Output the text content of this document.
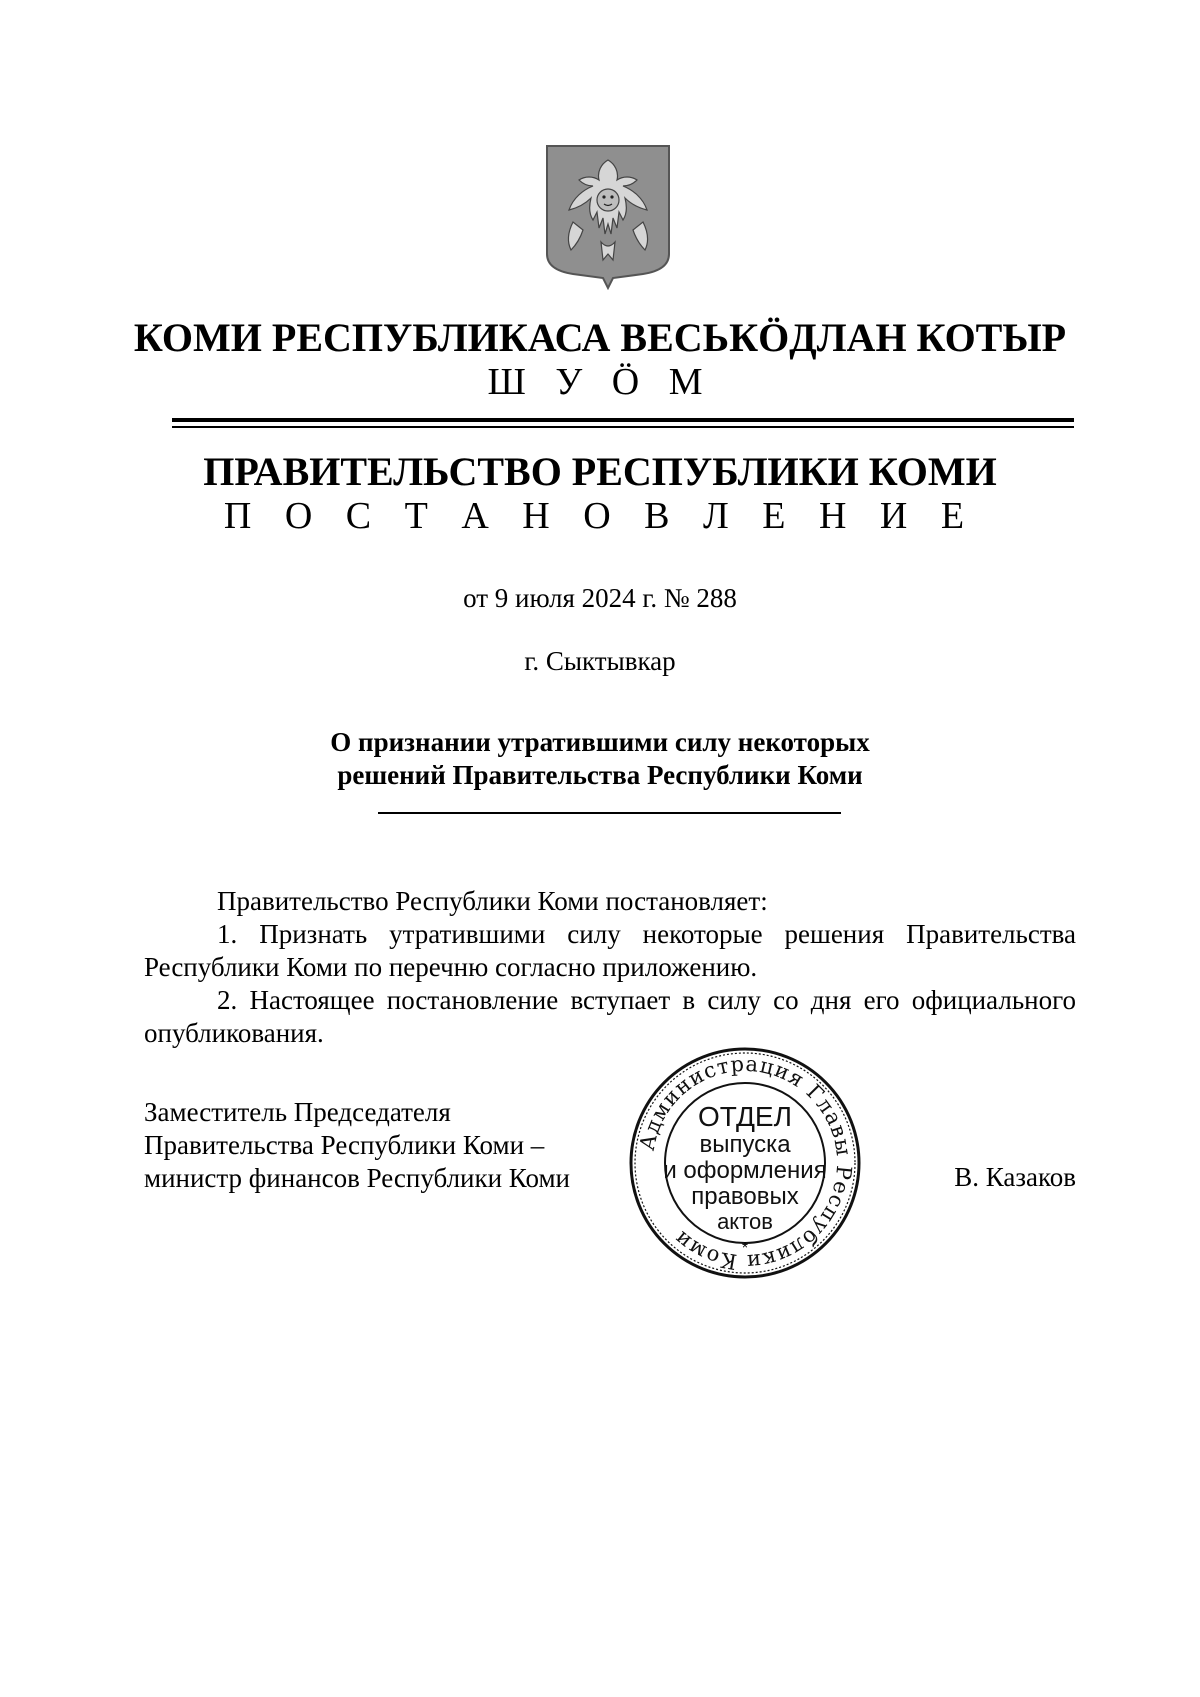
КОМИ РЕСПУБЛИКАСА ВЕСЬКӦДЛАН КОТЫР
Ш У Ӧ М
ПРАВИТЕЛЬСТВО РЕСПУБЛИКИ КОМИ
П О С Т А Н О В Л Е Н И Е
от 9 июля 2024 г. № 288
г. Сыктывкар
О признании утратившими силу некоторых
решений Правительства Республики Коми

Правительство Республики Коми постановляет:

1. Признать утратившими силу некоторые решения Правительства Республики Коми по перечню согласно приложению.

2. Настоящее постановление вступает в силу со дня его официального опубликования.

Заместитель Председателя
Правительства Республики Коми –
министр финансов Республики Коми	В. Казаков
Администрация Главы Республики Коми
ОТДЕЛ
выпуска
и оформления
правовых
актов
*
